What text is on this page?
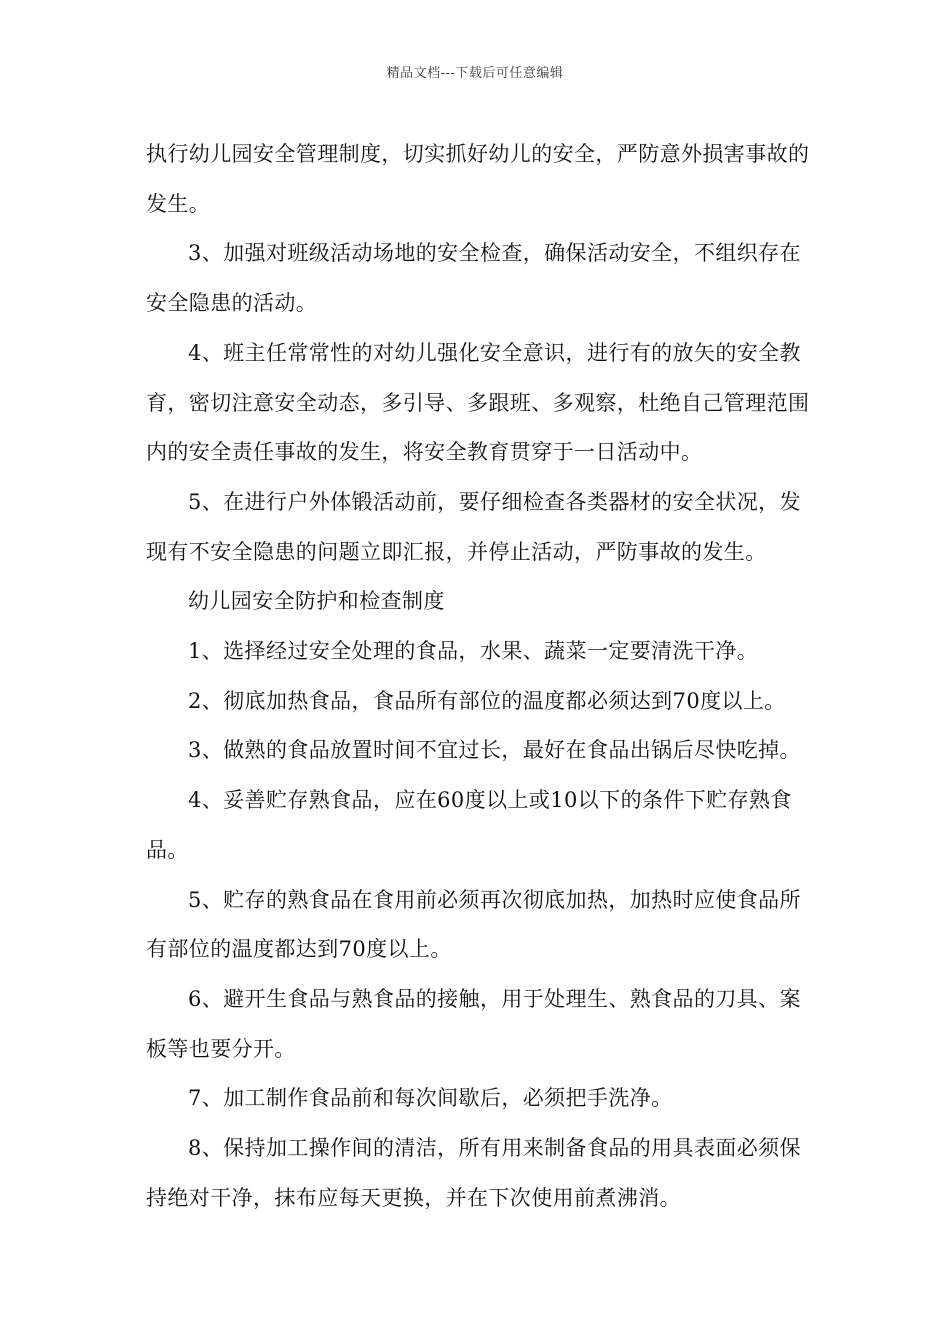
精品文档---下载后可任意编辑

执行幼儿园安全管理制度，切实抓好幼儿的安全，严防意外损害事故的发生。

3、加强对班级活动场地的安全检查，确保活动安全，不组织存在安全隐患的活动。

4、班主任常常性的对幼儿强化安全意识，进行有的放矢的安全教育，密切注意安全动态，多引导、多跟班、多观察，杜绝自己管理范围内的安全责任事故的发生，将安全教育贯穿于一日活动中。

5、在进行户外体锻活动前，要仔细检查各类器材的安全状况，发现有不安全隐患的问题立即汇报，并停止活动，严防事故的发生。

幼儿园安全防护和检查制度

1、选择经过安全处理的食品，水果、蔬菜一定要清洗干净。

2、彻底加热食品，食品所有部位的温度都必须达到70度以上。

3、做熟的食品放置时间不宜过长，最好在食品出锅后尽快吃掉。

4、妥善贮存熟食品，应在60度以上或10以下的条件下贮存熟食品。

5、贮存的熟食品在食用前必须再次彻底加热，加热时应使食品所有部位的温度都达到70度以上。

6、避开生食品与熟食品的接触，用于处理生、熟食品的刀具、案板等也要分开。

7、加工制作食品前和每次间歇后，必须把手洗净。

8、保持加工操作间的清洁，所有用来制备食品的用具表面必须保持绝对干净，抹布应每天更换，并在下次使用前煮沸消。
